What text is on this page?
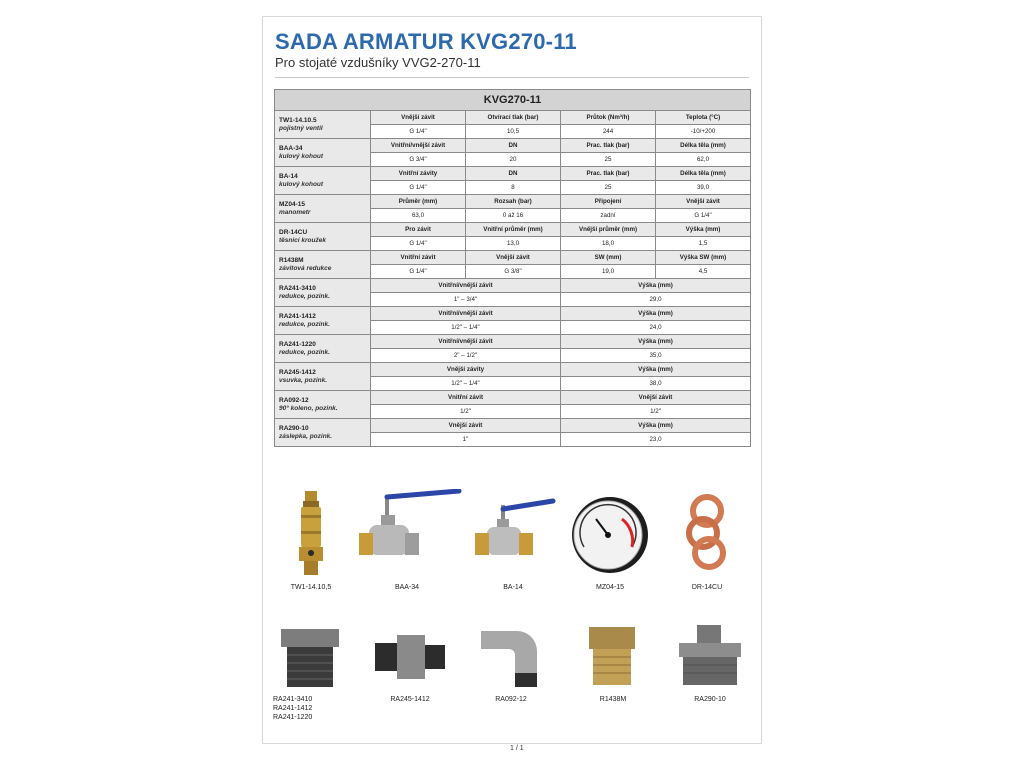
SADA ARMATUR KVG270-11
Pro stojaté vzdušníky VVG2-270-11
KVG270-11				

TW1-14.10.5
pojistný ventil	Vnější závit	Otvírací tlak (bar)	Průtok (Nm³/h)	Teplota (°C)
	G 1/4"	10,5	244	-10/+200

BAA-34
kulový kohout	Vnitřní/vnější závit	DN	Prac. tlak (bar)	Délka těla (mm)
	G 3/4"	20	25	62,0

BA-14
kulový kohout	Vnitřní závity	DN	Prac. tlak (bar)	Délka těla (mm)
	G 1/4"	8	25	39,0

MZ04-15
manometr	Průměr (mm)	Rozsah (bar)	Připojení	Vnější závit
	63,0	0 až 16	zadní	G 1/4"

DR-14CU
těsnicí kroužek	Pro závit	Vnitřní průměr (mm)	Vnější průměr (mm)	Výška (mm)
	G 1/4"	13,0	18,0	1,5

R1438M
závitová redukce	Vnitřní závit	Vnější závit	SW (mm)	Výška SW (mm)
	G 1/4"	G 3/8"	19,0	4,5

RA241-3410
redukce, pozink.	Vnitřní/vnější závit		Výška (mm)	
	1" – 3/4"		29,0	

RA241-1412
redukce, pozink.	Vnitřní/vnější závit		Výška (mm)	
	1/2" – 1/4"		24,0	

RA241-1220
redukce, pozink.	Vnitřní/vnější závit		Výška (mm)	
	2" – 1/2"		35,0	

RA245-1412
vsuvka, pozink.	Vnější závity		Výška (mm)	
	1/2" – 1/4"		38,0	

RA092-12
90° koleno, pozink.	Vnitřní závit		Vnější závit	
	1/2"		1/2"	

RA290-10
záslepka, pozink.	Vnější závit		Výška (mm)	
	1"		23,0	
TW1-14.10,5	BAA-34	BA-14	MZ04-15	DR-14CU
RA241-3410
RA241-1412
RA241-1220
RA245-1412	RA092-12	R1438M	RA290-10
1 / 1
